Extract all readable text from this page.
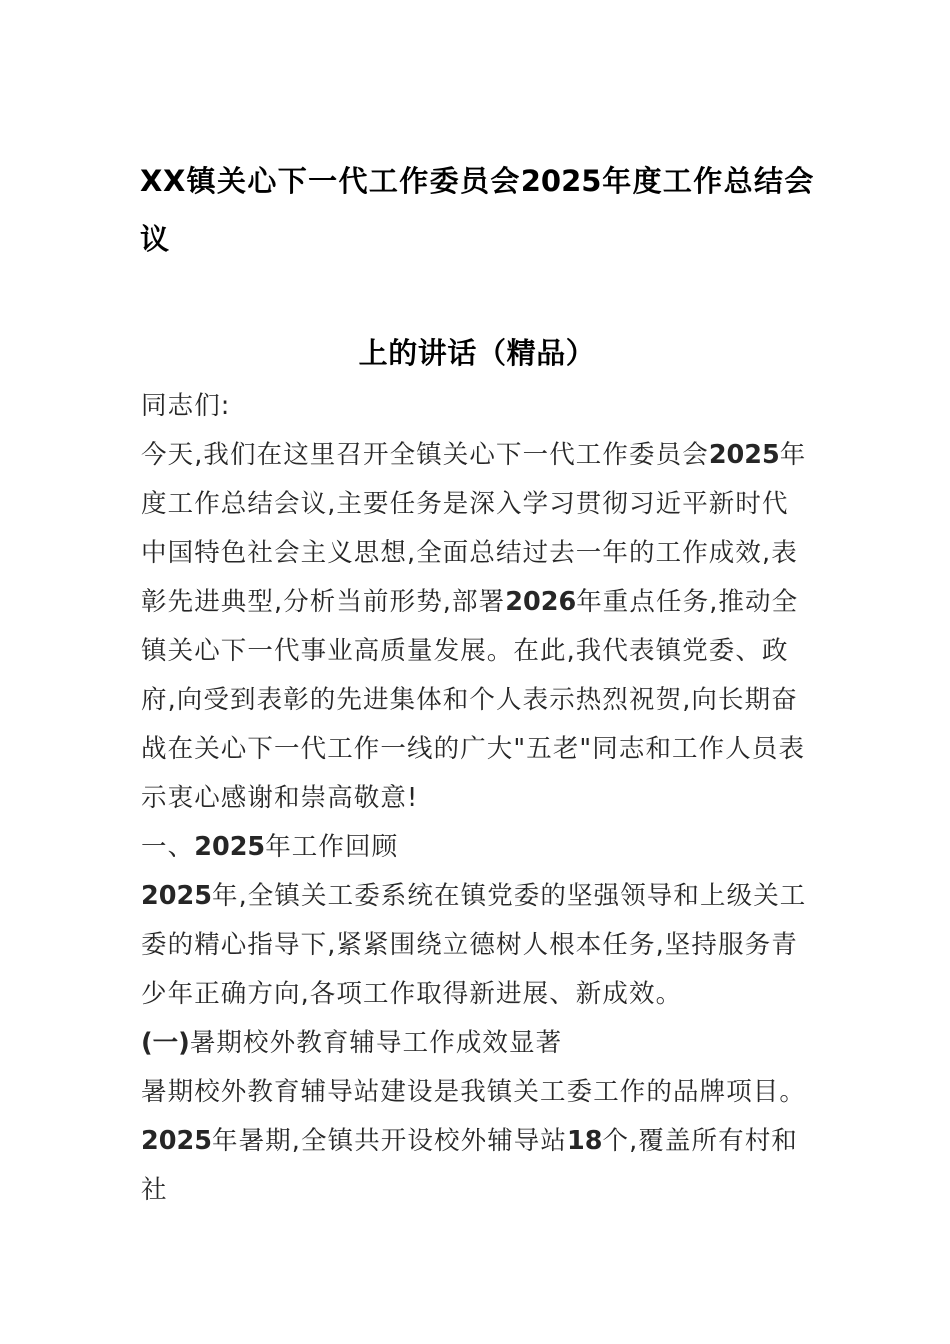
XX镇关心下一代工作委员会2025年度工作总结会议
上的讲话（精品）

同志们:

今天,我们在这里召开全镇关心下一代工作委员会2025年度工作总结会议,主要任务是深入学习贯彻习近平新时代中国特色社会主义思想,全面总结过去一年的工作成效,表彰先进典型,分析当前形势,部署2026年重点任务,推动全镇关心下一代事业高质量发展。在此,我代表镇党委、政府,向受到表彰的先进集体和个人表示热烈祝贺,向长期奋战在关心下一代工作一线的广大"五老"同志和工作人员表示衷心感谢和崇高敬意!

一、2025年工作回顾

2025年,全镇关工委系统在镇党委的坚强领导和上级关工委的精心指导下,紧紧围绕立德树人根本任务,坚持服务青少年正确方向,各项工作取得新进展、新成效。

(一)暑期校外教育辅导工作成效显著

暑期校外教育辅导站建设是我镇关工委工作的品牌项目。

2025年暑期,全镇共开设校外辅导站18个,覆盖所有村和社
